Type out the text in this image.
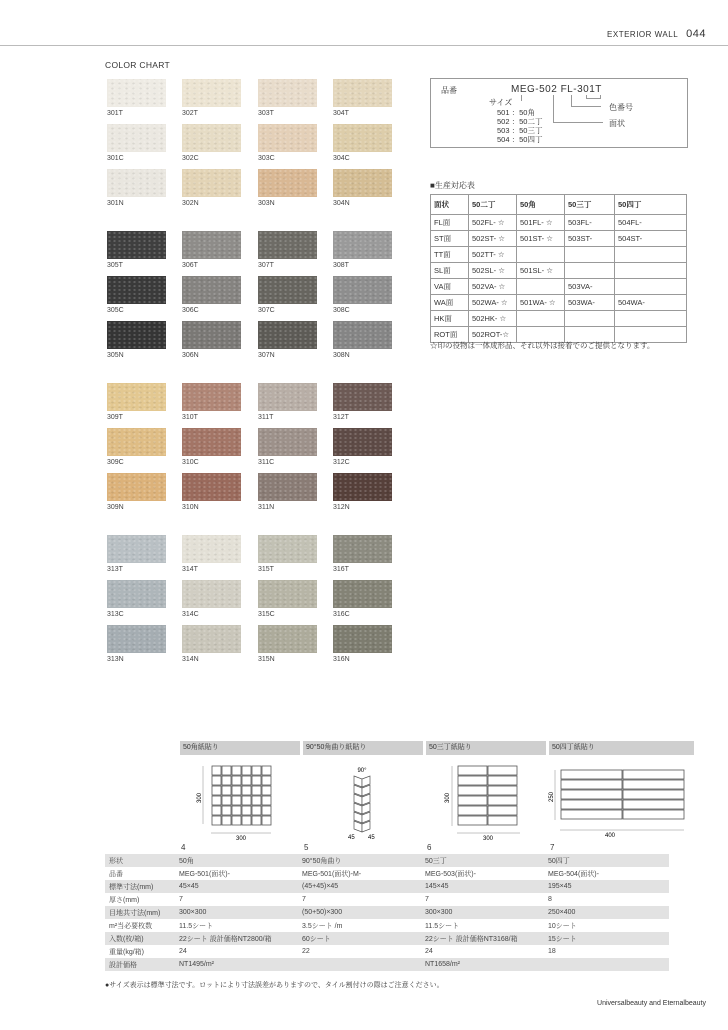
EXTERIOR WALL 044
COLOR CHART
301T	302T	303T	304T
301C	302C	303C	304C
301N	302N	303N	304N
305T	306T	307T	308T
305C	306C	307C	308C
305N	306N	307N	308N
309T	310T	311T	312T
309C	310C	311C	312C
309N	310N	311N	312N
313T	314T	315T	316T
313C	314C	315C	316C
313N	314N	315N	316N
品番	MEG-502 FL-301T
サイズ
色番号
面状
501 ：50角
502 ：50二丁
503 ：50三丁
504 ：50四丁
■生産対応表
面状	50二丁	50角	50三丁	50四丁
FL面	502FL- ☆	501FL- ☆	503FL-	504FL-
ST面	502ST- ☆	501ST- ☆	503ST-	504ST-
TT面	502TT- ☆			
SL面	502SL- ☆	501SL- ☆		
VA面	502VA- ☆		503VA-	
WA面	502WA- ☆	501WA- ☆	503WA-	504WA-
HK面	502HK- ☆			
ROT面	502ROT-☆			
☆印の役物は一体成形品、それ以外は接着でのご提供となります。
50角紙貼り	90°50角曲り紙貼り	50三丁紙貼り	50四丁紙貼り
300
300
90°
45 45
300
300
250
400
4	5	6	7
形状	50角	90°50角曲り	50三丁	50四丁
品番	MEG-501(面状)-	MEG-501(面状)-M-	MEG-503(面状)-	MEG-504(面状)-
標準寸法(mm)	45×45	(45+45)×45	145×45	195×45
厚さ(mm)	7	7	7	8
目地共寸法(mm)	300×300	(50+50)×300	300×300	250×400
m²当必要枚数	11.5シート	3.5シート /m	11.5シート	10シート
入数(枚/箱)	22シート 設計価格NT2800/箱	60シート	22シート 設計価格NT3168/箱	15シート
重量(kg/箱)	24	22	24	18
設計価格	NT1495/m²		NT1658/m²	
●サイズ表示は標準寸法です。ロットにより寸法誤差がありますので、タイル割付けの際はご注意ください。
Universalbeauty and Eternalbeauty
